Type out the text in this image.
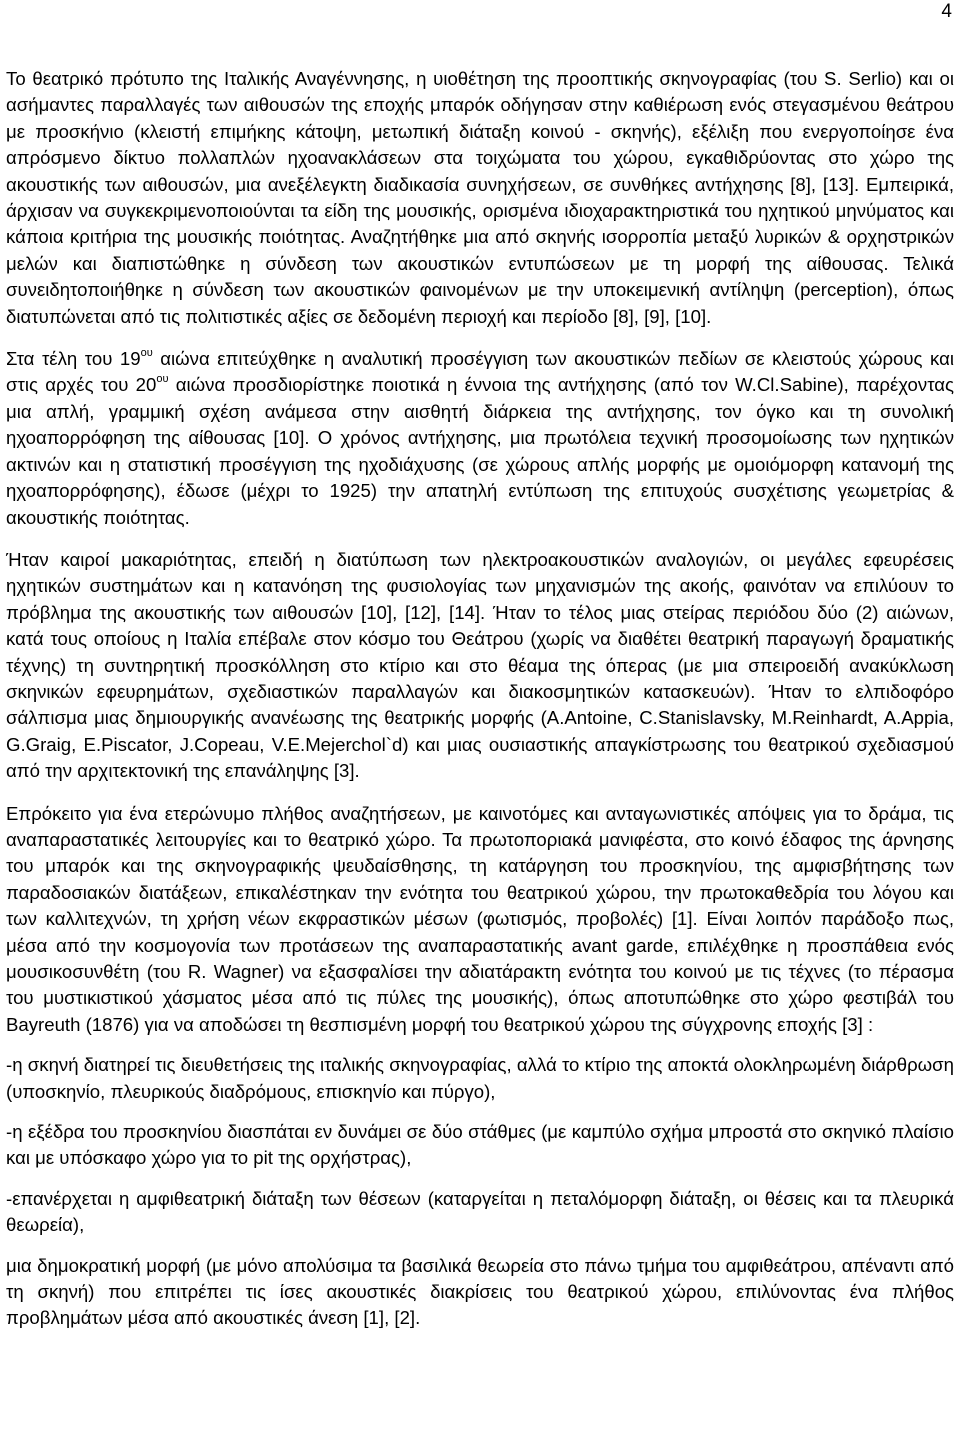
4

Το θεατρικό πρότυπο της Ιταλικής Αναγέννησης, η υιοθέτηση της προοπτικής σκηνογραφίας (του S. Serlio) και οι ασήμαντες παραλλαγές των αιθουσών της εποχής μπαρόκ οδήγησαν στην καθιέρωση ενός στεγασμένου θεάτρου με προσκήνιο (κλειστή επιμήκης κάτοψη, μετωπική διάταξη κοινού - σκηνής), εξέλιξη που ενεργοποίησε ένα απρόσμενο δίκτυο πολλαπλών ηχοανακλάσεων στα τοιχώματα του χώρου, εγκαθιδρύοντας στο χώρο της ακουστικής των αιθουσών, μια ανεξέλεγκτη διαδικασία συνηχήσεων, σε συνθήκες αντήχησης [8], [13]. Εμπειρικά, άρχισαν να συγκεκριμενοποιούνται τα είδη της μουσικής, ορισμένα ιδιοχαρακτηριστικά του ηχητικού μηνύματος και κάποια κριτήρια της μουσικής ποιότητας. Αναζητήθηκε μια από σκηνής ισορροπία μεταξύ λυρικών & ορχηστρικών μελών και διαπιστώθηκε η σύνδεση των ακουστικών εντυπώσεων με τη μορφή της αίθουσας. Τελικά συνειδητοποιήθηκε η σύνδεση των ακουστικών φαινομένων με την υποκειμενική αντίληψη (perception), όπως διατυπώνεται από τις πολιτιστικές αξίες σε δεδομένη περιοχή και περίοδο [8], [9], [10].

Στα τέλη του $19^{o\upsilon}$ αιώνα επιτεύχθηκε η αναλυτική προσέγγιση των ακουστικών πεδίων σε κλειστούς χώρους και στις αρχές του $20^{o\upsilon}$ αιώνα προσδιορίστηκε ποιοτικά η έννοια της αντήχησης (από τον W.Cl.Sabine), παρέχοντας μια απλή, γραμμική σχέση ανάμεσα στην αισθητή διάρκεια της αντήχησης, τον όγκο και τη συνολική ηχοαπορρόφηση της αίθουσας [10]. Ο χρόνος αντήχησης, μια πρωτόλεια τεχνική προσομοίωσης των ηχητικών ακτινών και η στατιστική προσέγγιση της ηχοδιάχυσης (σε χώρους απλής μορφής με ομοιόμορφη κατανομή της ηχοαπορρόφησης), έδωσε (μέχρι το 1925) την απατηλή εντύπωση της επιτυχούς συσχέτισης γεωμετρίας & ακουστικής ποιότητας.

Ήταν καιροί μακαριότητας, επειδή η διατύπωση των ηλεκτροακουστικών αναλογιών, οι μεγάλες εφευρέσεις ηχητικών συστημάτων και η κατανόηση της φυσιολογίας των μηχανισμών της ακοής, φαινόταν να επιλύουν το πρόβλημα της ακουστικής των αιθουσών [10], [12], [14]. Ήταν το τέλος μιας στείρας περιόδου δύο (2) αιώνων, κατά τους οποίους η Ιταλία επέβαλε στον κόσμο του Θεάτρου (χωρίς να διαθέτει θεατρική παραγωγή δραματικής τέχνης) τη συντηρητική προσκόλληση στο κτίριο και στο θέαμα της όπερας (με μια σπειροειδή ανακύκλωση σκηνικών εφευρημάτων, σχεδιαστικών παραλλαγών και διακοσμητικών κατασκευών). Ήταν το ελπιδοφόρο σάλπισμα μιας δημιουργικής ανανέωσης της θεατρικής μορφής (A.Antoine, C.Stanislavsky, M.Reinhardt, A.Appia, G.Graig, E.Piscator, J.Copeau, V.E.Mejerchol`d) και μιας ουσιαστικής απαγκίστρωσης του θεατρικού σχεδιασμού από την αρχιτεκτονική της επανάληψης [3].

Επρόκειτο για ένα ετερώνυμο πλήθος αναζητήσεων, με καινοτόμες και ανταγωνιστικές απόψεις για το δράμα, τις αναπαραστατικές λειτουργίες και το θεατρικό χώρο. Τα πρωτοποριακά μανιφέστα, στο κοινό έδαφος της άρνησης του μπαρόκ και της σκηνογραφικής ψευδαίσθησης, τη κατάργηση του προσκηνίου, της αμφισβήτησης των παραδοσιακών διατάξεων, επικαλέστηκαν την ενότητα του θεατρικού χώρου, την πρωτοκαθεδρία του λόγου και των καλλιτεχνών, τη χρήση νέων εκφραστικών μέσων (φωτισμός, προβολές) [1]. Είναι λοιπόν παράδοξο πως, μέσα από την κοσμογονία των προτάσεων της αναπαραστατικής avant garde, επιλέχθηκε η προσπάθεια ενός μουσικοσυνθέτη (του R. Wagner) να εξασφαλίσει την αδιατάρακτη ενότητα του κοινού με τις τέχνες (το πέρασμα του μυστικιστικού χάσματος μέσα από τις πύλες της μουσικής), όπως αποτυπώθηκε στο χώρο φεστιβάλ του Bayreuth (1876) για να αποδώσει τη θεσπισμένη μορφή του θεατρικού χώρου της σύγχρονης εποχής [3] :

-η σκηνή διατηρεί τις διευθετήσεις της ιταλικής σκηνογραφίας, αλλά το κτίριο της αποκτά ολοκληρωμένη διάρθρωση (υποσκηνίο, πλευρικούς διαδρόμους, επισκηνίο και πύργο),

-η εξέδρα του προσκηνίου διασπάται εν δυνάμει σε δύο στάθμες (με καμπύλο σχήμα μπροστά στο σκηνικό πλαίσιο και με υπόσκαφο χώρο για το pit της ορχήστρας),

-επανέρχεται η αμφιθεατρική διάταξη των θέσεων (καταργείται η πεταλόμορφη διάταξη, οι θέσεις και τα πλευρικά θεωρεία),

μια δημοκρατική μορφή (με μόνο απολύσιμα τα βασιλικά θεωρεία στο πάνω τμήμα του αμφιθεάτρου, απέναντι από τη σκηνή) που επιτρέπει τις ίσες ακουστικές διακρίσεις του θεατρικού χώρου, επιλύνοντας ένα πλήθος προβλημάτων μέσα από ακουστικές άνεση [1], [2].
